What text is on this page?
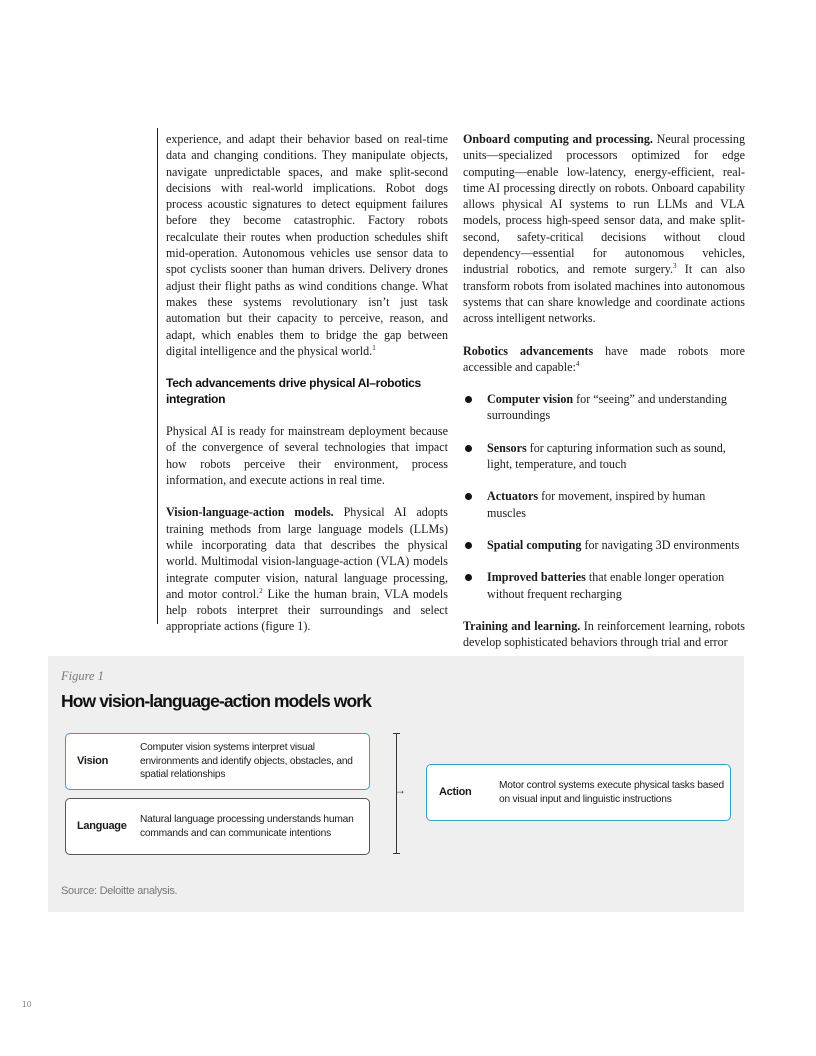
experience, and adapt their behavior based on real-time data and changing conditions. They manipulate objects, navigate unpredictable spaces, and make split-second decisions with real-world implications. Robot dogs process acoustic signatures to detect equipment failures before they become catastrophic. Factory robots recalculate their routes when production schedules shift mid-operation. Autonomous vehicles use sensor data to spot cyclists sooner than human drivers. Delivery drones adjust their flight paths as wind conditions change. What makes these systems revolutionary isn’t just task automation but their capacity to perceive, reason, and adapt, which enables them to bridge the gap between digital intelligence and the physical world.$^1$

Tech advancements drive physical AI–robotics integration

Physical AI is ready for mainstream deployment because of the convergence of several technologies that impact how robots perceive their environment, process information, and execute actions in real time.

Vision-language-action models. Physical AI adopts training methods from large language models (LLMs) while incorporating data that describes the physical world. Multimodal vision-language-action (VLA) models integrate computer vision, natural language processing, and motor control.$^2$ Like the human brain, VLA models help robots interpret their surroundings and select appropriate actions (figure 1).

Onboard computing and processing. Neural processing units—specialized processors optimized for edge computing—enable low-latency, energy-efficient, real-time AI processing directly on robots. Onboard capability allows physical AI systems to run LLMs and VLA models, process high-speed sensor data, and make split-second, safety-critical decisions without cloud dependency—essential for autonomous vehicles, industrial robotics, and remote surgery.$^3$ It can also transform robots from isolated machines into autonomous systems that can share knowledge and coordinate actions across intelligent networks.

Robotics advancements have made robots more accessible and capable:$^4$

Computer vision for “seeing” and understanding surroundings
Sensors for capturing information such as sound, light, temperature, and touch
Actuators for movement, inspired by human muscles
Spatial computing for navigating 3D environments
Improved batteries that enable longer operation without frequent recharging

Training and learning. In reinforcement learning, robots develop sophisticated behaviors through trial and error

Figure 1
How vision-language-action models work
Vision
Computer vision systems interpret visual environments and identify objects, obstacles, and spatial relationships
Language
Natural language processing understands human commands and can communicate intentions
→	Action
Motor control systems execute physical tasks based on visual input and linguistic instructions
Source: Deloitte analysis.
10
